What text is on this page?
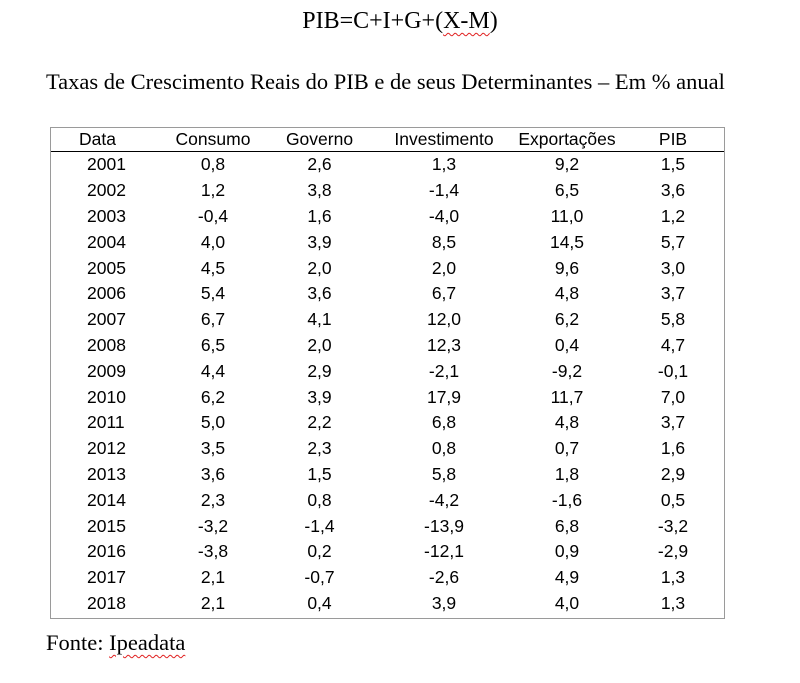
PIB=C+I+G+(X-M)
Taxas de Crescimento Reais do PIB e de seus Determinantes – Em % anual
Data	Consumo	Governo	Investimento	Exportações	PIB
2001	0,8	2,6	1,3	9,2	1,5
2002	1,2	3,8	-1,4	6,5	3,6
2003	-0,4	1,6	-4,0	11,0	1,2
2004	4,0	3,9	8,5	14,5	5,7
2005	4,5	2,0	2,0	9,6	3,0
2006	5,4	3,6	6,7	4,8	3,7
2007	6,7	4,1	12,0	6,2	5,8
2008	6,5	2,0	12,3	0,4	4,7
2009	4,4	2,9	-2,1	-9,2	-0,1
2010	6,2	3,9	17,9	11,7	7,0
2011	5,0	2,2	6,8	4,8	3,7
2012	3,5	2,3	0,8	0,7	1,6
2013	3,6	1,5	5,8	1,8	2,9
2014	2,3	0,8	-4,2	-1,6	0,5
2015	-3,2	-1,4	-13,9	6,8	-3,2
2016	-3,8	0,2	-12,1	0,9	-2,9
2017	2,1	-0,7	-2,6	4,9	1,3
2018	2,1	0,4	3,9	4,0	1,3
Fonte: Ipeadata
